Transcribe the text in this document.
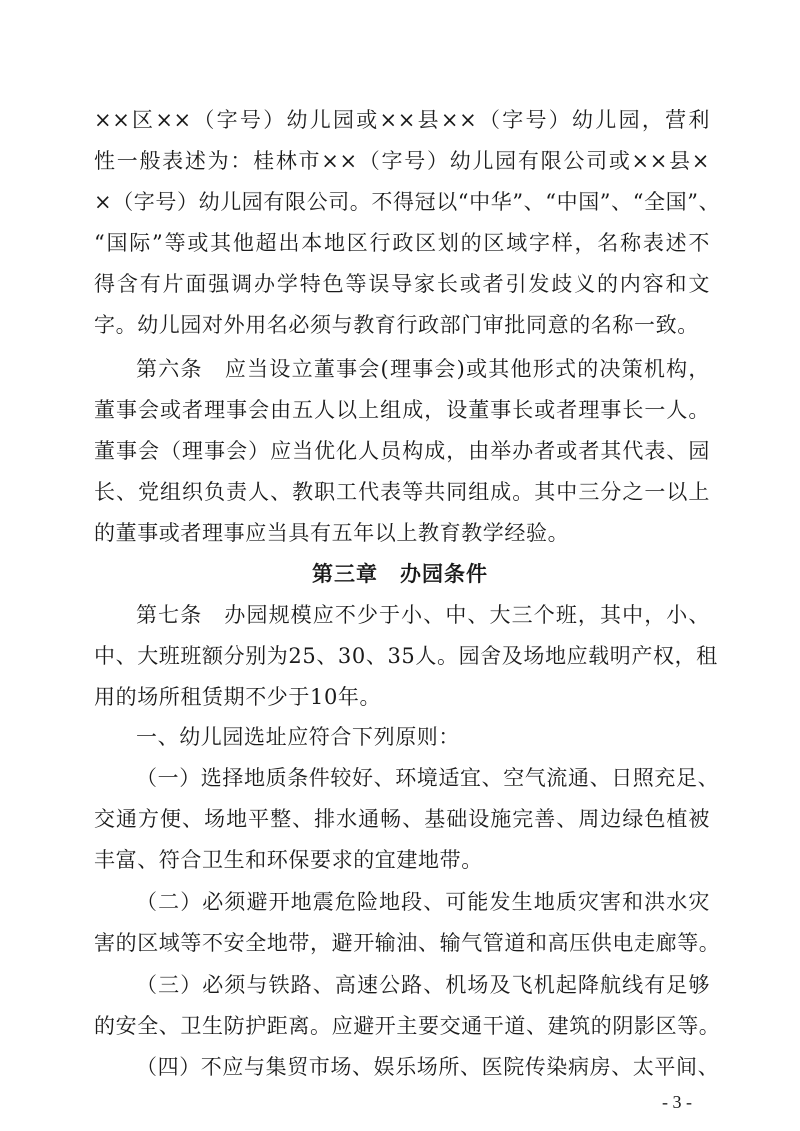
××区××（字号）幼儿园或××县××（字号）幼儿园，营利
性一般表述为：桂林市××（字号）幼儿园有限公司或××县×
×（字号）幼儿园有限公司。不得冠以“中华”、“中国”、“全国”、
“国际”等或其他超出本地区行政区划的区域字样，名称表述不
得含有片面强调办学特色等误导家长或者引发歧义的内容和文
字。幼儿园对外用名必须与教育行政部门审批同意的名称一致。
第六条　应当设立董事会(理事会)或其他形式的决策机构，
董事会或者理事会由五人以上组成，设董事长或者理事长一人。
董事会（理事会）应当优化人员构成，由举办者或者其代表、园
长、党组织负责人、教职工代表等共同组成。其中三分之一以上
的董事或者理事应当具有五年以上教育教学经验。
第三章　办园条件
第七条　办园规模应不少于小、中、大三个班，其中，小、
中、大班班额分别为25、30、35人。园舍及场地应载明产权，租
用的场所租赁期不少于10年。
一、幼儿园选址应符合下列原则：
（一）选择地质条件较好、环境适宜、空气流通、日照充足、
交通方便、场地平整、排水通畅、基础设施完善、周边绿色植被
丰富、符合卫生和环保要求的宜建地带。
（二）必须避开地震危险地段、可能发生地质灾害和洪水灾
害的区域等不安全地带，避开输油、输气管道和高压供电走廊等。
（三）必须与铁路、高速公路、机场及飞机起降航线有足够
的安全、卫生防护距离。应避开主要交通干道、建筑的阴影区等。
（四）不应与集贸市场、娱乐场所、医院传染病房、太平间、
- 3 -
